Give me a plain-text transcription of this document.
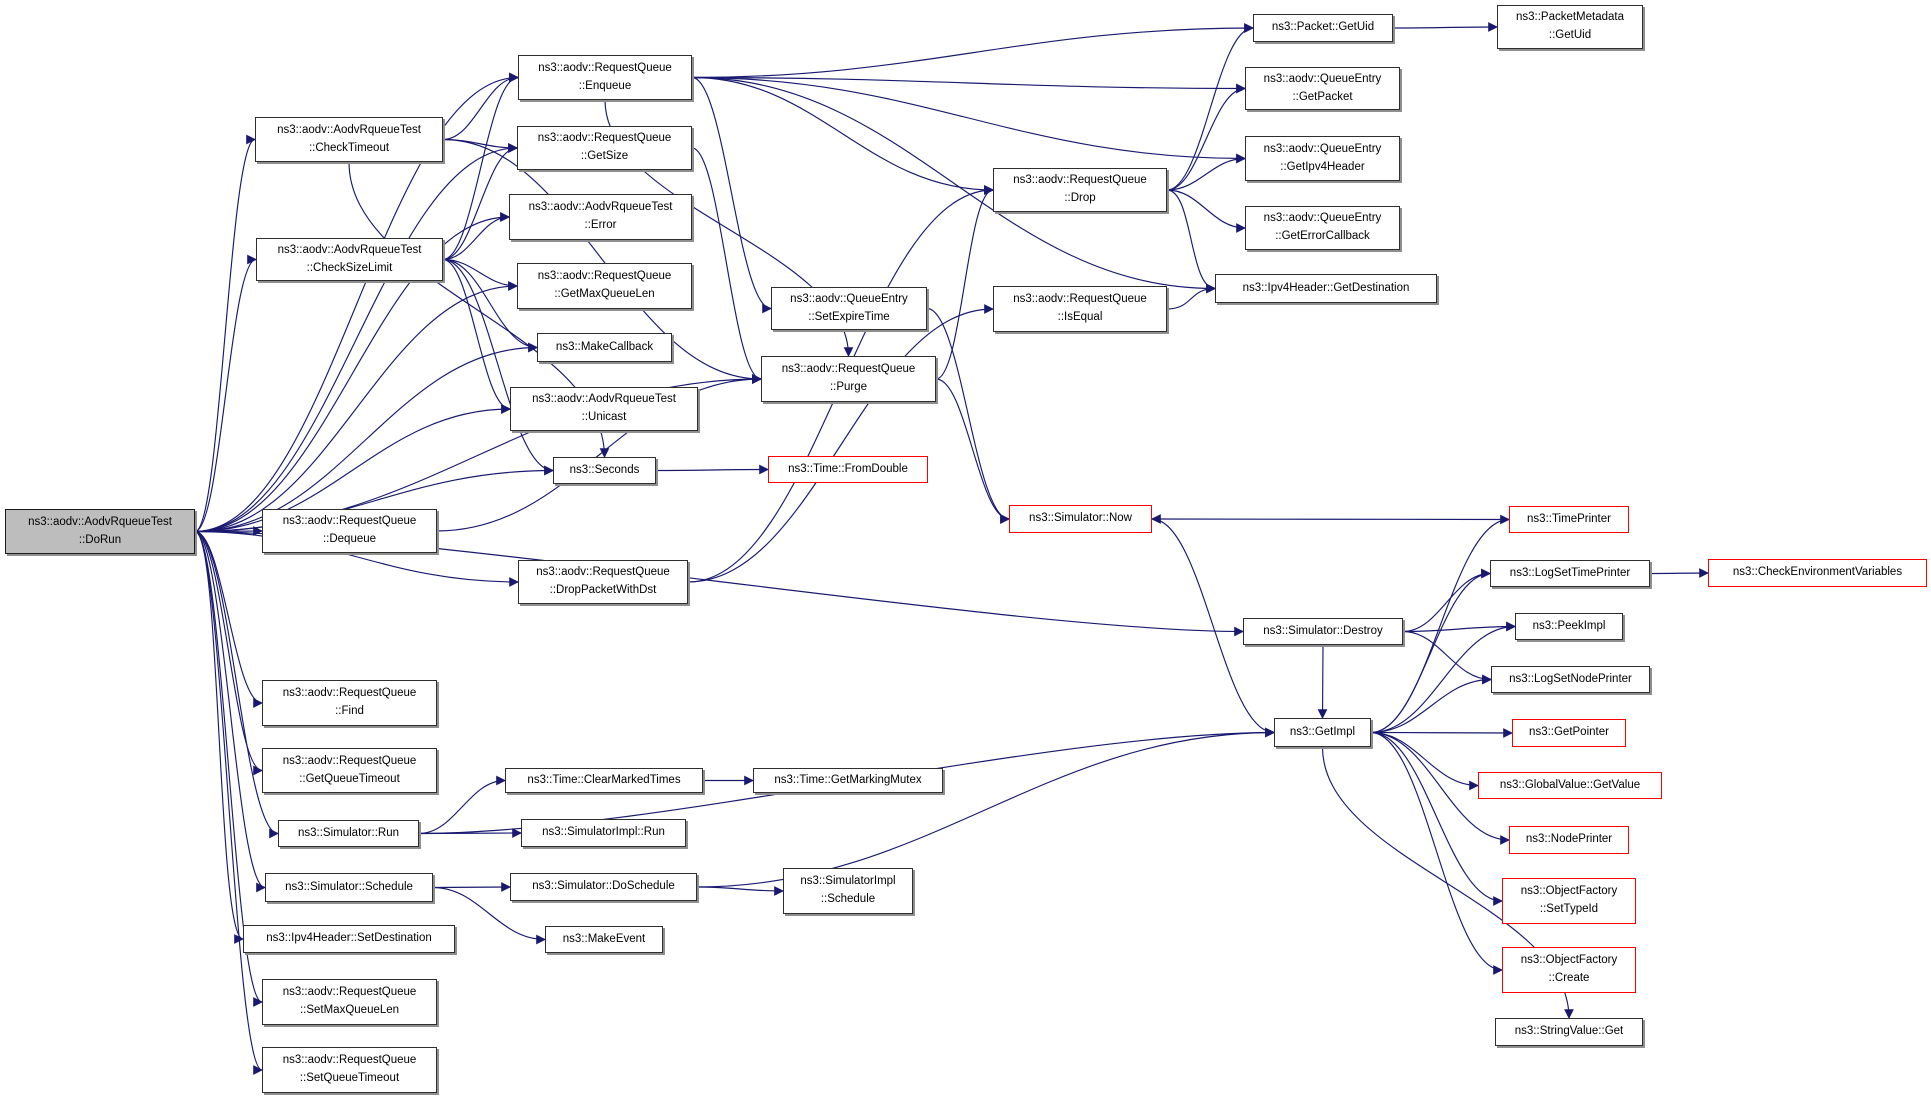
ns3::aodv::AodvRqueueTest
::DoRun
ns3::aodv::AodvRqueueTest
::CheckTimeout
ns3::aodv::AodvRqueueTest
::CheckSizeLimit
ns3::aodv::RequestQueue
::Dequeue
ns3::aodv::RequestQueue
::Find
ns3::aodv::RequestQueue
::GetQueueTimeout
ns3::Simulator::Run
ns3::Simulator::Schedule
ns3::Ipv4Header::SetDestination
ns3::aodv::RequestQueue
::SetMaxQueueLen
ns3::aodv::RequestQueue
::SetQueueTimeout
ns3::aodv::RequestQueue
::Enqueue
ns3::aodv::RequestQueue
::GetSize
ns3::aodv::AodvRqueueTest
::Error
ns3::aodv::RequestQueue
::GetMaxQueueLen
ns3::MakeCallback
ns3::aodv::AodvRqueueTest
::Unicast
ns3::Seconds
ns3::aodv::RequestQueue
::DropPacketWithDst
ns3::aodv::QueueEntry
::SetExpireTime
ns3::aodv::RequestQueue
::Purge
ns3::Time::FromDouble
ns3::Time::ClearMarkedTimes
ns3::SimulatorImpl::Run
ns3::Simulator::DoSchedule
ns3::Time::GetMarkingMutex
ns3::SimulatorImpl
::Schedule
ns3::MakeEvent
ns3::aodv::RequestQueue
::Drop
ns3::aodv::RequestQueue
::IsEqual
ns3::Simulator::Now
ns3::Simulator::Destroy
ns3::GetImpl
ns3::Packet::GetUid
ns3::aodv::QueueEntry
::GetPacket
ns3::aodv::QueueEntry
::GetIpv4Header
ns3::aodv::QueueEntry
::GetErrorCallback
ns3::Ipv4Header::GetDestination
ns3::PacketMetadata
::GetUid
ns3::TimePrinter
ns3::LogSetTimePrinter	ns3::CheckEnvironmentVariables
ns3::PeekImpl
ns3::LogSetNodePrinter
ns3::GetPointer
ns3::GlobalValue::GetValue
ns3::NodePrinter
ns3::ObjectFactory
::SetTypeId
ns3::ObjectFactory
::Create
ns3::StringValue::Get
